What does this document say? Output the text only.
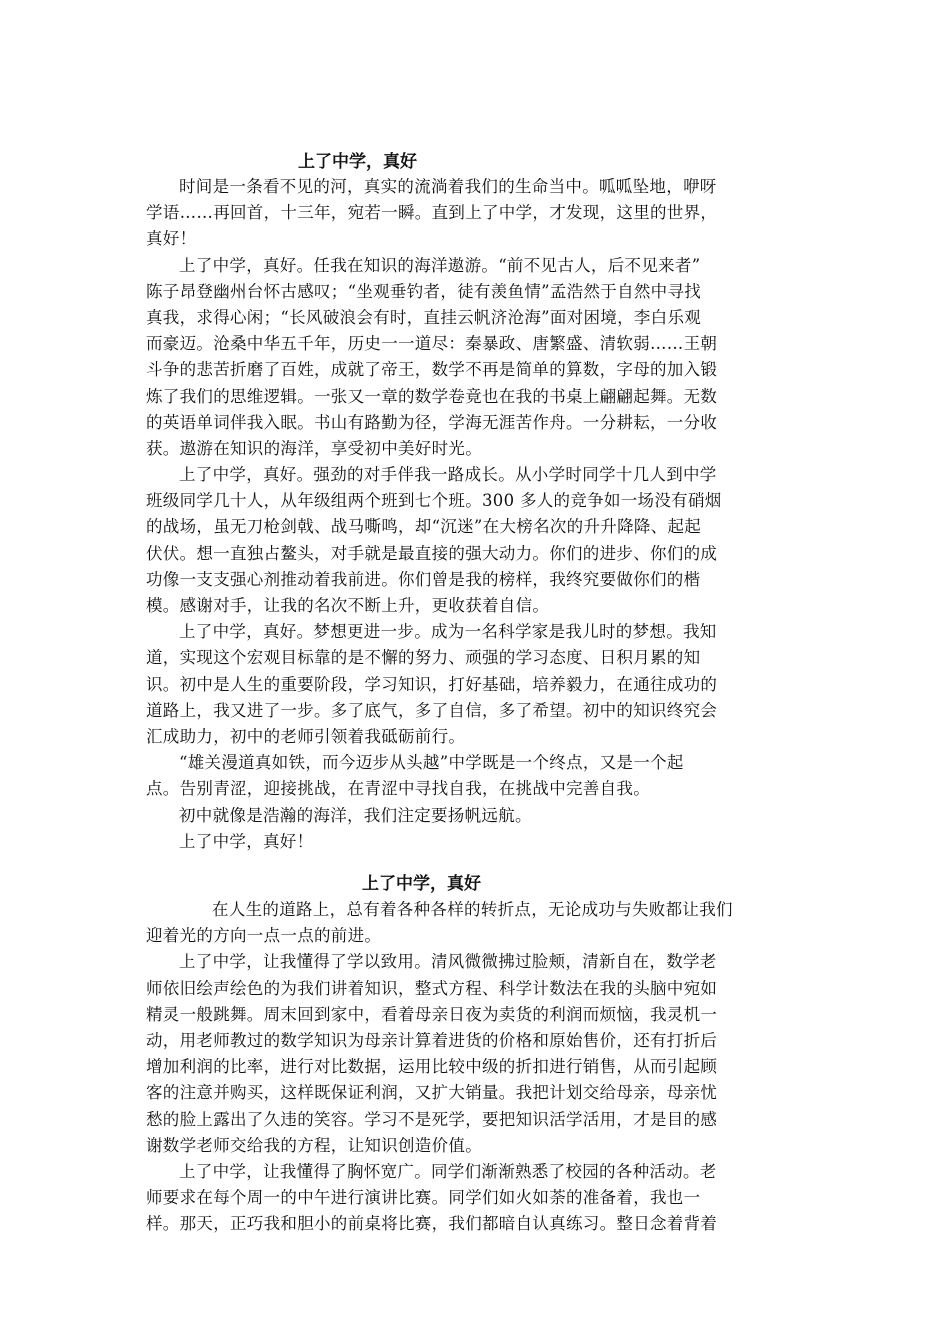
上了中学，真好
时间是一条看不见的河，真实的流淌着我们的生命当中。呱呱坠地，咿呀
学语……再回首，十三年，宛若一瞬。直到上了中学，才发现，这里的世界，
真好！
上了中学，真好。任我在知识的海洋遨游。“前不见古人，后不见来者”
陈子昂登幽州台怀古感叹；“坐观垂钓者，徒有羡鱼情”孟浩然于自然中寻找
真我，求得心闲；“长风破浪会有时，直挂云帆济沧海”面对困境，李白乐观
而豪迈。沧桑中华五千年，历史一一道尽：秦暴政、唐繁盛、清软弱……王朝
斗争的悲苦折磨了百姓，成就了帝王，数学不再是简单的算数，字母的加入锻
炼了我们的思维逻辑。一张又一章的数学卷竟也在我的书桌上翩翩起舞。无数
的英语单词伴我入眠。书山有路勤为径，学海无涯苦作舟。一分耕耘，一分收
获。遨游在知识的海洋，享受初中美好时光。
上了中学，真好。强劲的对手伴我一路成长。从小学时同学十几人到中学
班级同学几十人，从年级组两个班到七个班。300 多人的竞争如一场没有硝烟
的战场，虽无刀枪剑戟、战马嘶鸣，却“沉迷”在大榜名次的升升降降、起起
伏伏。想一直独占鳌头，对手就是最直接的强大动力。你们的进步、你们的成
功像一支支强心剂推动着我前进。你们曾是我的榜样，我终究要做你们的楷
模。感谢对手，让我的名次不断上升，更收获着自信。
上了中学，真好。梦想更进一步。成为一名科学家是我儿时的梦想。我知
道，实现这个宏观目标靠的是不懈的努力、顽强的学习态度、日积月累的知
识。初中是人生的重要阶段，学习知识，打好基础，培养毅力，在通往成功的
道路上，我又进了一步。多了底气，多了自信，多了希望。初中的知识终究会
汇成助力，初中的老师引领着我砥砺前行。
“雄关漫道真如铁，而今迈步从头越”中学既是一个终点，又是一个起
点。告别青涩，迎接挑战，在青涩中寻找自我，在挑战中完善自我。
初中就像是浩瀚的海洋，我们注定要扬帆远航。
上了中学，真好！
上了中学，真好
在人生的道路上，总有着各种各样的转折点，无论成功与失败都让我们
迎着光的方向一点一点的前进。
上了中学，让我懂得了学以致用。清风微微拂过脸颊，清新自在，数学老
师依旧绘声绘色的为我们讲着知识，整式方程、科学计数法在我的头脑中宛如
精灵一般跳舞。周末回到家中，看着母亲日夜为卖货的利润而烦恼，我灵机一
动，用老师教过的数学知识为母亲计算着进货的价格和原始售价，还有打折后
增加利润的比率，进行对比数据，运用比较中级的折扣进行销售，从而引起顾
客的注意并购买，这样既保证利润，又扩大销量。我把计划交给母亲，母亲忧
愁的脸上露出了久违的笑容。学习不是死学，要把知识活学活用，才是目的感
谢数学老师交给我的方程，让知识创造价值。
上了中学，让我懂得了胸怀宽广。同学们渐渐熟悉了校园的各种活动。老
师要求在每个周一的中午进行演讲比赛。同学们如火如荼的准备着，我也一
样。那天，正巧我和胆小的前桌将比赛，我们都暗自认真练习。整日念着背着
